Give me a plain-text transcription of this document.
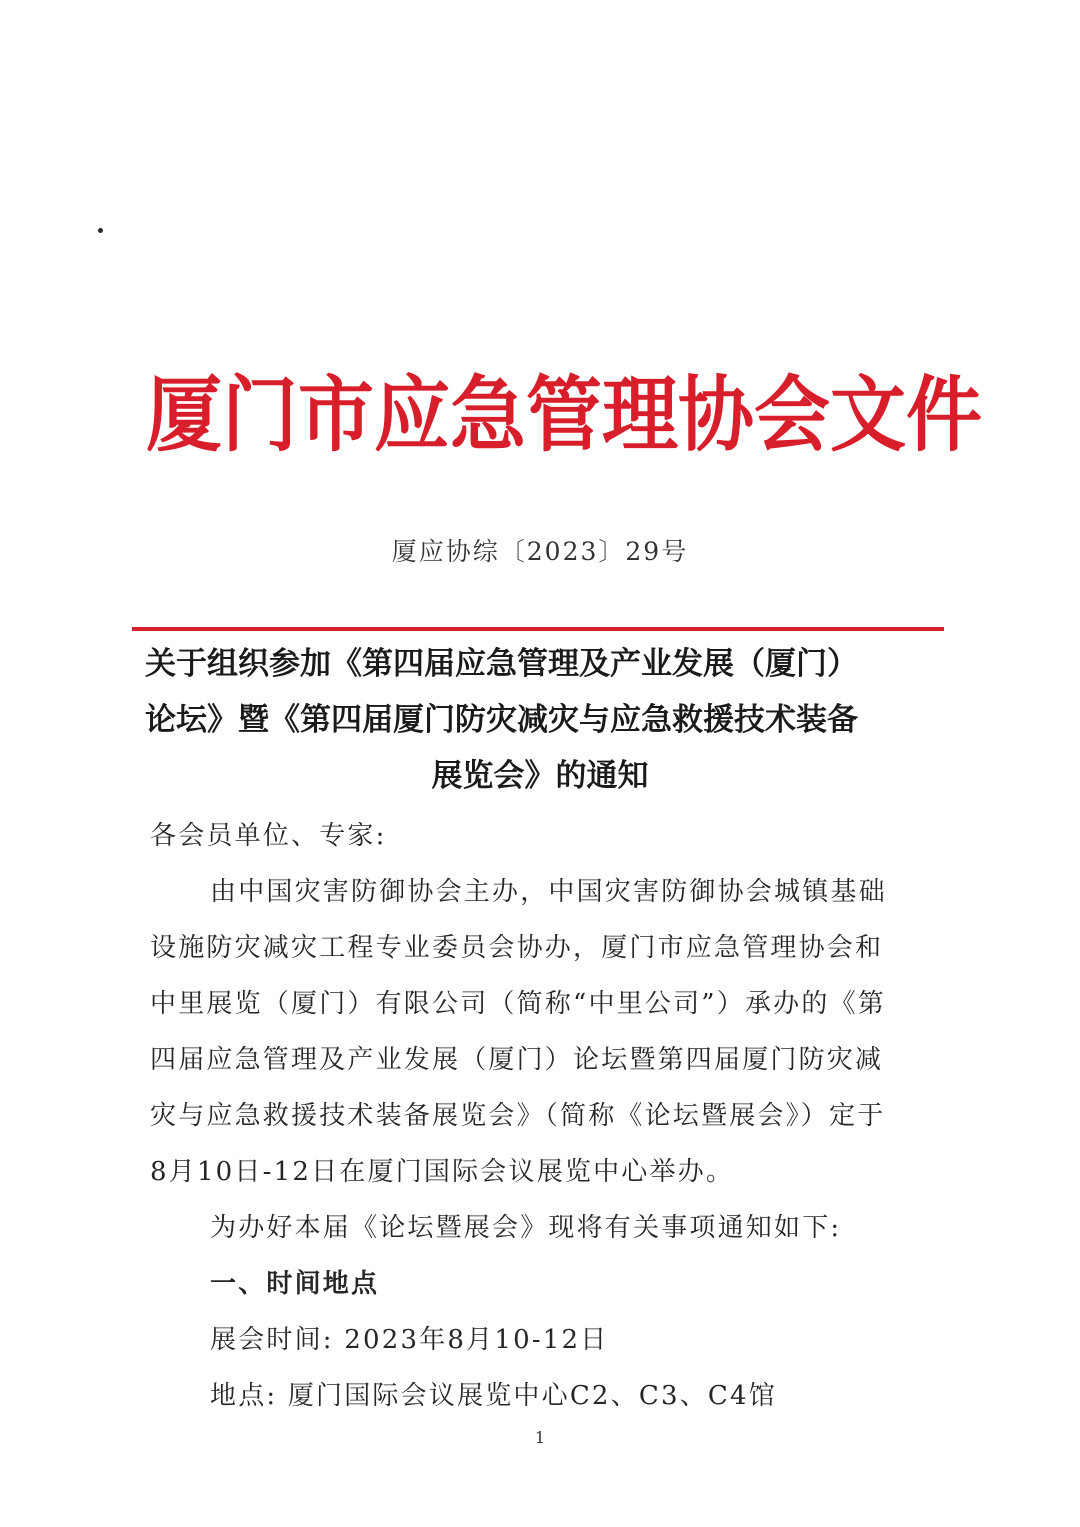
厦门市应急管理协会文件
厦应协综〔2023〕29号
关于组织参加《第四届应急管理及产业发展（厦门）
论坛》暨《第四届厦门防灾减灾与应急救援技术装备
展览会》的通知
各会员单位、专家:
由中国灾害防御协会主办，中国灾害防御协会城镇基础
设施防灾减灾工程专业委员会协办，厦门市应急管理协会和
中里展览（厦门）有限公司（简称“中里公司”）承办的《第
四届应急管理及产业发展（厦门）论坛暨第四届厦门防灾减
灾与应急救援技术装备展览会》（简称《论坛暨展会》）定于
8月10日-12日在厦门国际会议展览中心举办。
为办好本届《论坛暨展会》现将有关事项通知如下:
一、时间地点
展会时间: 2023年8月10-12日
地点: 厦门国际会议展览中心C2、C3、C4馆
1
